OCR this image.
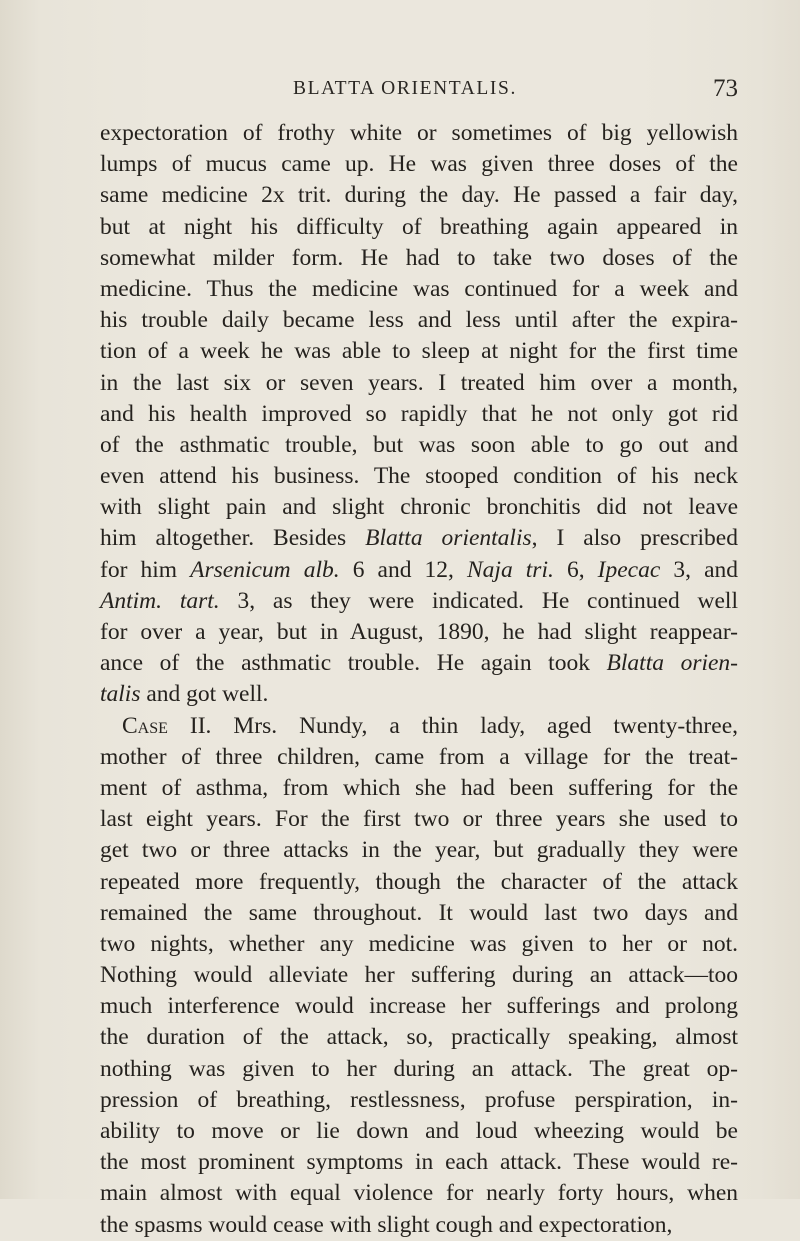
BLATTA ORIENTALIS.	73
expectoration of frothy white or sometimes of big yellowish
lumps of mucus came up. He was given three doses of the
same medicine 2x trit. during the day. He passed a fair day,
but at night his difficulty of breathing again appeared in
somewhat milder form. He had to take two doses of the
medicine. Thus the medicine was continued for a week and
his trouble daily became less and less until after the expira-
tion of a week he was able to sleep at night for the first time
in the last six or seven years. I treated him over a month,
and his health improved so rapidly that he not only got rid
of the asthmatic trouble, but was soon able to go out and
even attend his business. The stooped condition of his neck
with slight pain and slight chronic bronchitis did not leave
him altogether. Besides Blatta orientalis, I also prescribed
for him Arsenicum alb. 6 and 12, Naja tri. 6, Ipecac 3, and
Antim. tart. 3, as they were indicated. He continued well
for over a year, but in August, 1890, he had slight reappear-
ance of the asthmatic trouble. He again took Blatta orien-
talis and got well.
Case II. Mrs. Nundy, a thin lady, aged twenty-three,
mother of three children, came from a village for the treat-
ment of asthma, from which she had been suffering for the
last eight years. For the first two or three years she used to
get two or three attacks in the year, but gradually they were
repeated more frequently, though the character of the attack
remained the same throughout. It would last two days and
two nights, whether any medicine was given to her or not.
Nothing would alleviate her suffering during an attack—too
much interference would increase her sufferings and prolong
the duration of the attack, so, practically speaking, almost
nothing was given to her during an attack. The great op-
pression of breathing, restlessness, profuse perspiration, in-
ability to move or lie down and loud wheezing would be
the most prominent symptoms in each attack. These would re-
main almost with equal violence for nearly forty hours, when
the spasms would cease with slight cough and expectoration,
